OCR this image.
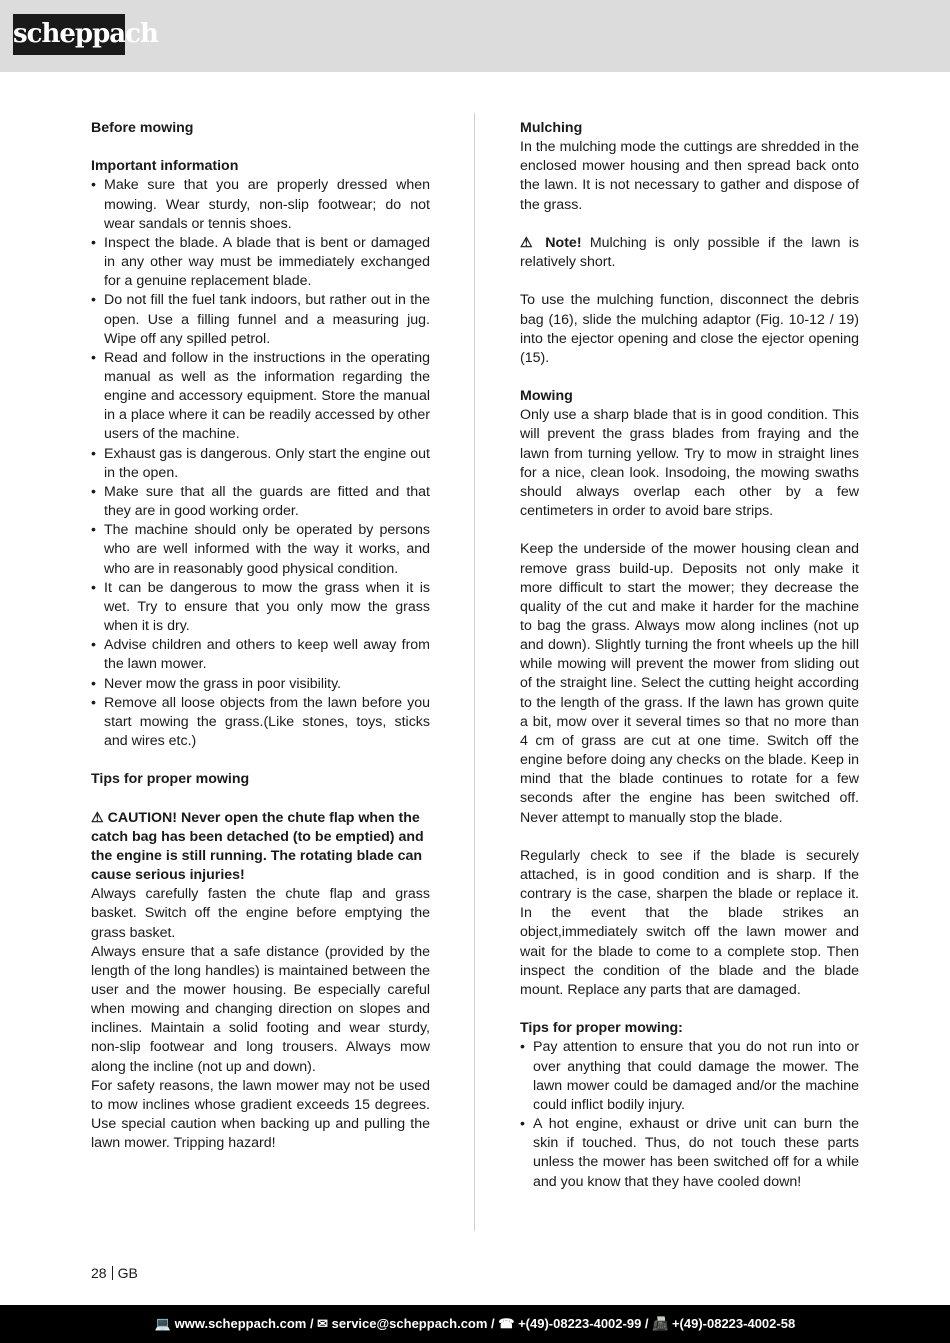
scheppach

Before mowing

Important information

• Make sure that you are properly dressed when mowing. Wear sturdy, non-slip footwear; do not wear sandals or tennis shoes.
• Inspect the blade. A blade that is bent or damaged in any other way must be immediately exchanged for a genuine replacement blade.
• Do not fill the fuel tank indoors, but rather out in the open. Use a filling funnel and a measuring jug. Wipe off any spilled petrol.
• Read and follow in the instructions in the operating manual as well as the information regarding the engine and accessory equipment. Store the manual in a place where it can be readily accessed by other users of the machine.
• Exhaust gas is dangerous. Only start the engine out in the open.
• Make sure that all the guards are fitted and that they are in good working order.
• The machine should only be operated by persons who are well informed with the way it works, and who are in reasonably good physical condition.
• It can be dangerous to mow the grass when it is wet. Try to ensure that you only mow the grass when it is dry.
• Advise children and others to keep well away from the lawn mower.
• Never mow the grass in poor visibility.
• Remove all loose objects from the lawn before you start mowing the grass.(Like stones, toys, sticks and wires etc.)

Tips for proper mowing

⚠ CAUTION! Never open the chute flap when the catch bag has been detached (to be emptied) and the engine is still running. The rotating blade can cause serious injuries!

Always carefully fasten the chute flap and grass basket. Switch off the engine before emptying the grass basket.

Always ensure that a safe distance (provided by the length of the long handles) is maintained between the user and the mower housing. Be especially careful when mowing and changing direction on slopes and inclines. Maintain a solid footing and wear sturdy, non-slip footwear and long trousers. Always mow along the incline (not up and down).

For safety reasons, the lawn mower may not be used to mow inclines whose gradient exceeds 15 degrees. Use special caution when backing up and pulling the lawn mower. Tripping hazard!

Mulching

In the mulching mode the cuttings are shredded in the enclosed mower housing and then spread back onto the lawn. It is not necessary to gather and dispose of the grass.

⚠ Note! Mulching is only possible if the lawn is relatively short.

To use the mulching function, disconnect the debris bag (16), slide the mulching adaptor (Fig. 10-12 / 19) into the ejector opening and close the ejector opening (15).

Mowing

Only use a sharp blade that is in good condition. This will prevent the grass blades from fraying and the lawn from turning yellow. Try to mow in straight lines for a nice, clean look. Insodoing, the mowing swaths should always overlap each other by a few centimeters in order to avoid bare strips.

Keep the underside of the mower housing clean and remove grass build-up. Deposits not only make it more difficult to start the mower; they decrease the quality of the cut and make it harder for the machine to bag the grass. Always mow along inclines (not up and down). Slightly turning the front wheels up the hill while mowing will prevent the mower from sliding out of the straight line. Select the cutting height according to the length of the grass. If the lawn has grown quite a bit, mow over it several times so that no more than 4 cm of grass are cut at one time. Switch off the engine before doing any checks on the blade. Keep in mind that the blade continues to rotate for a few seconds after the engine has been switched off. Never attempt to manually stop the blade.

Regularly check to see if the blade is securely attached, is in good condition and is sharp. If the contrary is the case, sharpen the blade or replace it. In the event that the blade strikes an object,immediately switch off the lawn mower and wait for the blade to come to a complete stop. Then inspect the condition of the blade and the blade mount. Replace any parts that are damaged.

Tips for proper mowing:

• Pay attention to ensure that you do not run into or over anything that could damage the mower. The lawn mower could be damaged and/or the machine could inflict bodily injury.
• A hot engine, exhaust or drive unit can burn the skin if touched. Thus, do not touch these parts unless the mower has been switched off for a while and you know that they have cooled down!
28 GB
💻 www.scheppach.com / ✉ service@scheppach.com / ☎ +(49)-08223-4002-99 / 📠 +(49)-08223-4002-58
